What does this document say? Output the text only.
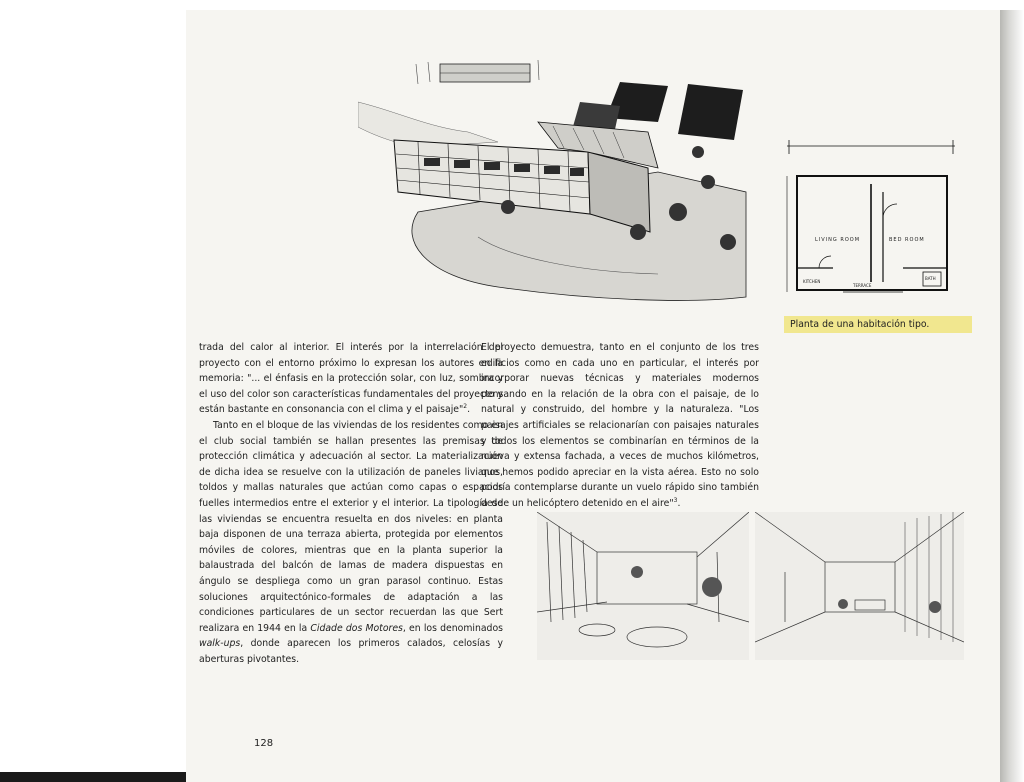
LIVING ROOM	BED ROOM
KITCHEN
TERRACE
BATH
Planta de una habitación tipo.

trada del calor al interior. El interés por la interrelación del proyecto con el entorno próximo lo expresan los autores en la memoria: "... el énfasis en la protección solar, con luz, sombra y el uso del color son características fundamentales del proyecto y están bastante en consonancia con el clima y el paisaje"$^2$.

Tanto en el bloque de las viviendas de los residentes como en el club social también se hallan presentes las premisas de protección climática y adecuación al sector. La materialización de dicha idea se resuelve con la utilización de paneles livianos, toldos y mallas naturales que actúan como capas o espacios fuelles intermedios entre el exterior y el interior. La tipología de las viviendas se encuentra resuelta en dos niveles: en planta baja disponen de una terraza abierta, protegida por elementos móviles de colores, mientras que en la planta superior la balaustrada del balcón de lamas de madera dispuestas en ángulo se despliega como un gran parasol continuo. Estas soluciones arquitectónico-formales de adaptación a las condiciones particulares de un sector recuerdan las que Sert realizara en 1944 en la Cidade dos Motores, en los denominados walk-ups, donde aparecen los primeros calados, celosías y aberturas pivotantes.

El proyecto demuestra, tanto en el conjunto de los tres edificios como en cada uno en particular, el interés por incorporar nuevas técnicas y materiales modernos pensando en la relación de la obra con el paisaje, de lo natural y construido, del hombre y la naturaleza. "Los paisajes artificiales se relacionarían con paisajes naturales y todos los elementos se combinarían en términos de la nueva y extensa fachada, a veces de muchos kilómetros, que hemos podido apreciar en la vista aérea. Esto no solo podría contemplarse durante un vuelo rápido sino también desde un helicóptero detenido en el aire"$^3$.

128
